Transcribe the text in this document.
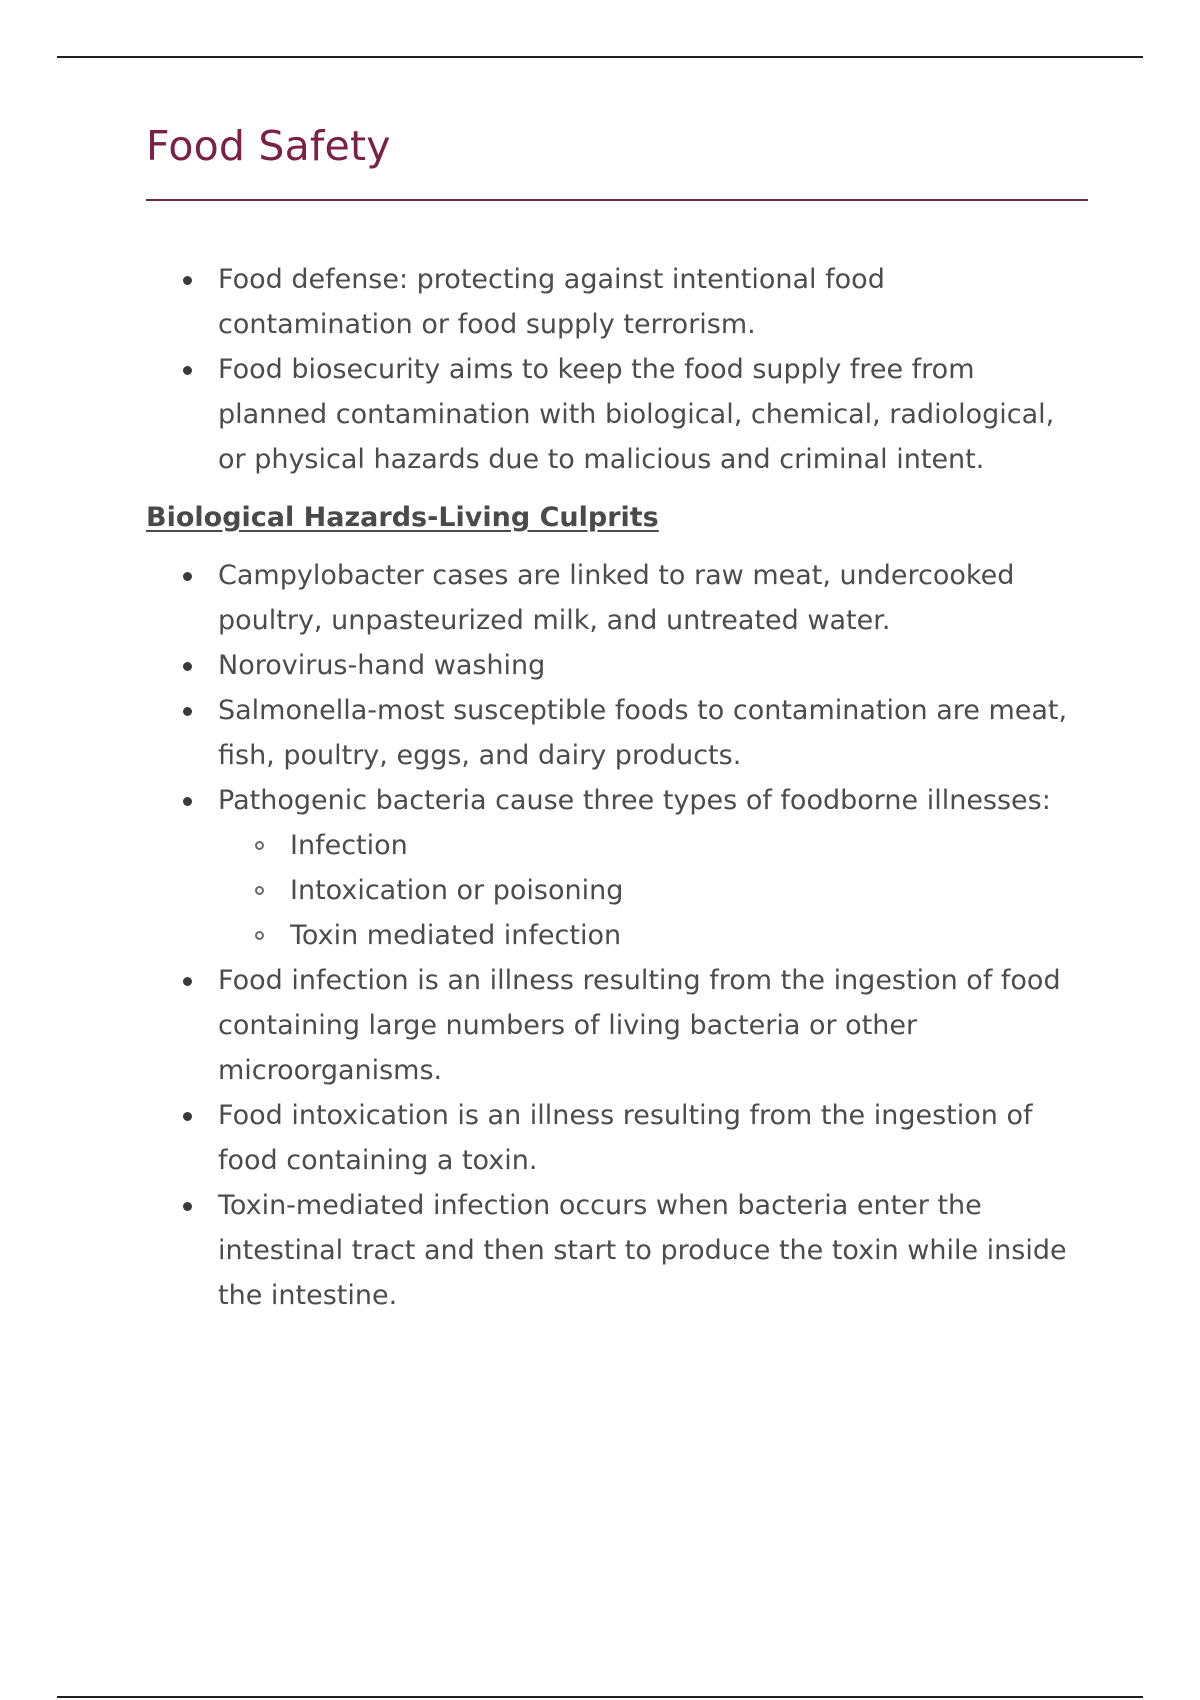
Food Safety
Food defense: protecting against intentional food contamination or food supply terrorism.
Food biosecurity aims to keep the food supply free from planned contamination with biological, chemical, radiological, or physical hazards due to malicious and criminal intent.
Biological Hazards-Living Culprits
Campylobacter cases are linked to raw meat, undercooked poultry, unpasteurized milk, and untreated water.
Norovirus-hand washing
Salmonella-most susceptible foods to contamination are meat, fish, poultry, eggs, and dairy products.
Pathogenic bacteria cause three types of foodborne illnesses:
Infection
Intoxication or poisoning
Toxin mediated infection
Food infection is an illness resulting from the ingestion of food containing large numbers of living bacteria or other microorganisms.
Food intoxication is an illness resulting from the ingestion of food containing a toxin.
Toxin-mediated infection occurs when bacteria enter the intestinal tract and then start to produce the toxin while inside the intestine.
